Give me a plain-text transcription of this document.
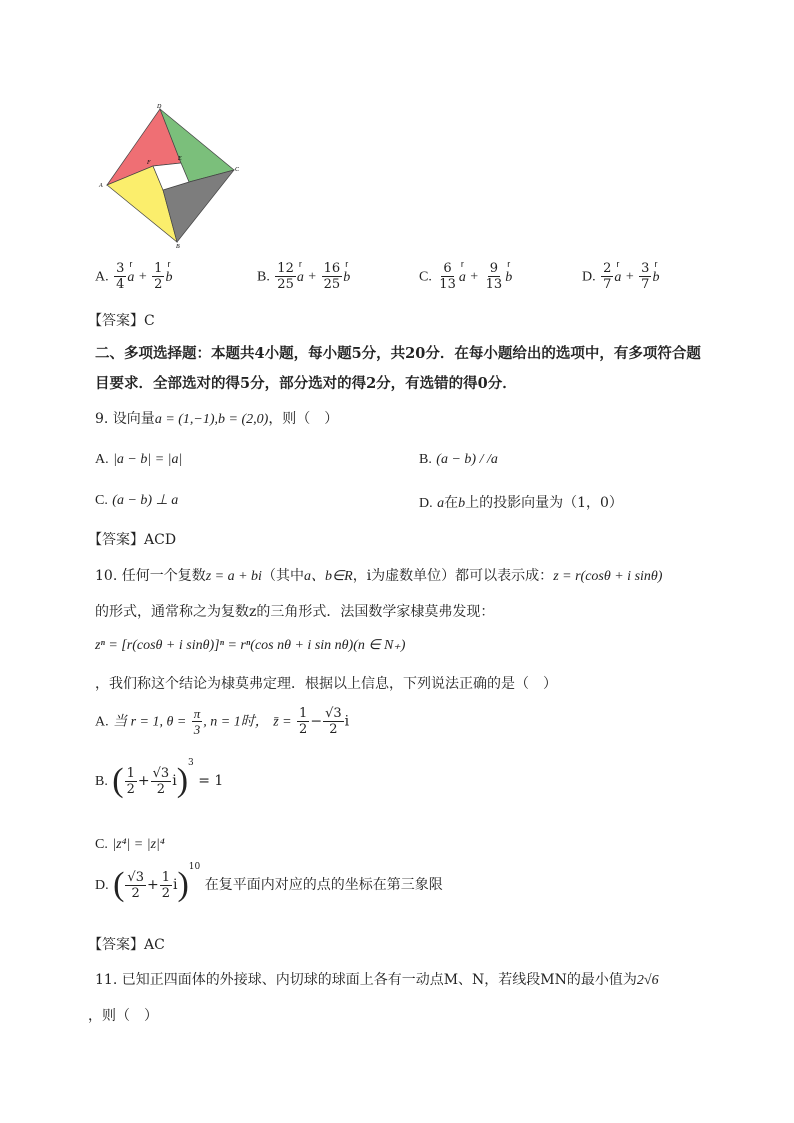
D
A
C
B
F
E
A. $\frac{3}{4}$ r $a + \frac{1}{2}$ r b	B. $\frac{12}{25}$ r $a + \frac{16}{25}$ r b	C. $\frac{6}{13}$ r $a + \frac{9}{13}$ r b	D. $\frac{2}{7}$ r $a + \frac{3}{7}$ r b
【答案】C
二、多项选择题：本题共4小题，每小题5分，共20分．在每小题给出的选项中，有多项符合题
目要求．全部选对的得5分，部分选对的得2分，有选错的得0分．
9. 设向量a = (1,−1),b = (2,0)，则（　）
A. |a − b| = |a|	B. (a − b) / /a
C. (a − b) ⊥ a	D. a在b上的投影向量为（1，0）
【答案】ACD
10. 任何一个复数z = a + bi（其中a、b∈R，i为虚数单位）都可以表示成：z = r(cosθ + i sinθ)
的形式，通常称之为复数z的三角形式．法国数学家棣莫弗发现：
zⁿ = [r(cosθ + i sinθ)]ⁿ = rⁿ(cos nθ + i sin nθ)(n ∈ N₊)
，我们称这个结论为棣莫弗定理．根据以上信息，下列说法正确的是（　）
A. 当 r = 1, $\theta = \frac{\pi}{3}$ , n = 1时， z̄ = $\frac{1}{2} - \frac{√3}{2}$ i
B. ( $\frac{1}{2} + \frac{√3}{2} i)^3 = 1$
C. |z⁴| = |z|⁴
D. ( $\frac{√3}{2} + \frac{1}{2} i)^{10}$ 在复平面内对应的点的坐标在第三象限
【答案】AC
11. 已知正四面体的外接球、内切球的球面上各有一动点M、N，若线段MN的最小值为2√6
，则（　）
